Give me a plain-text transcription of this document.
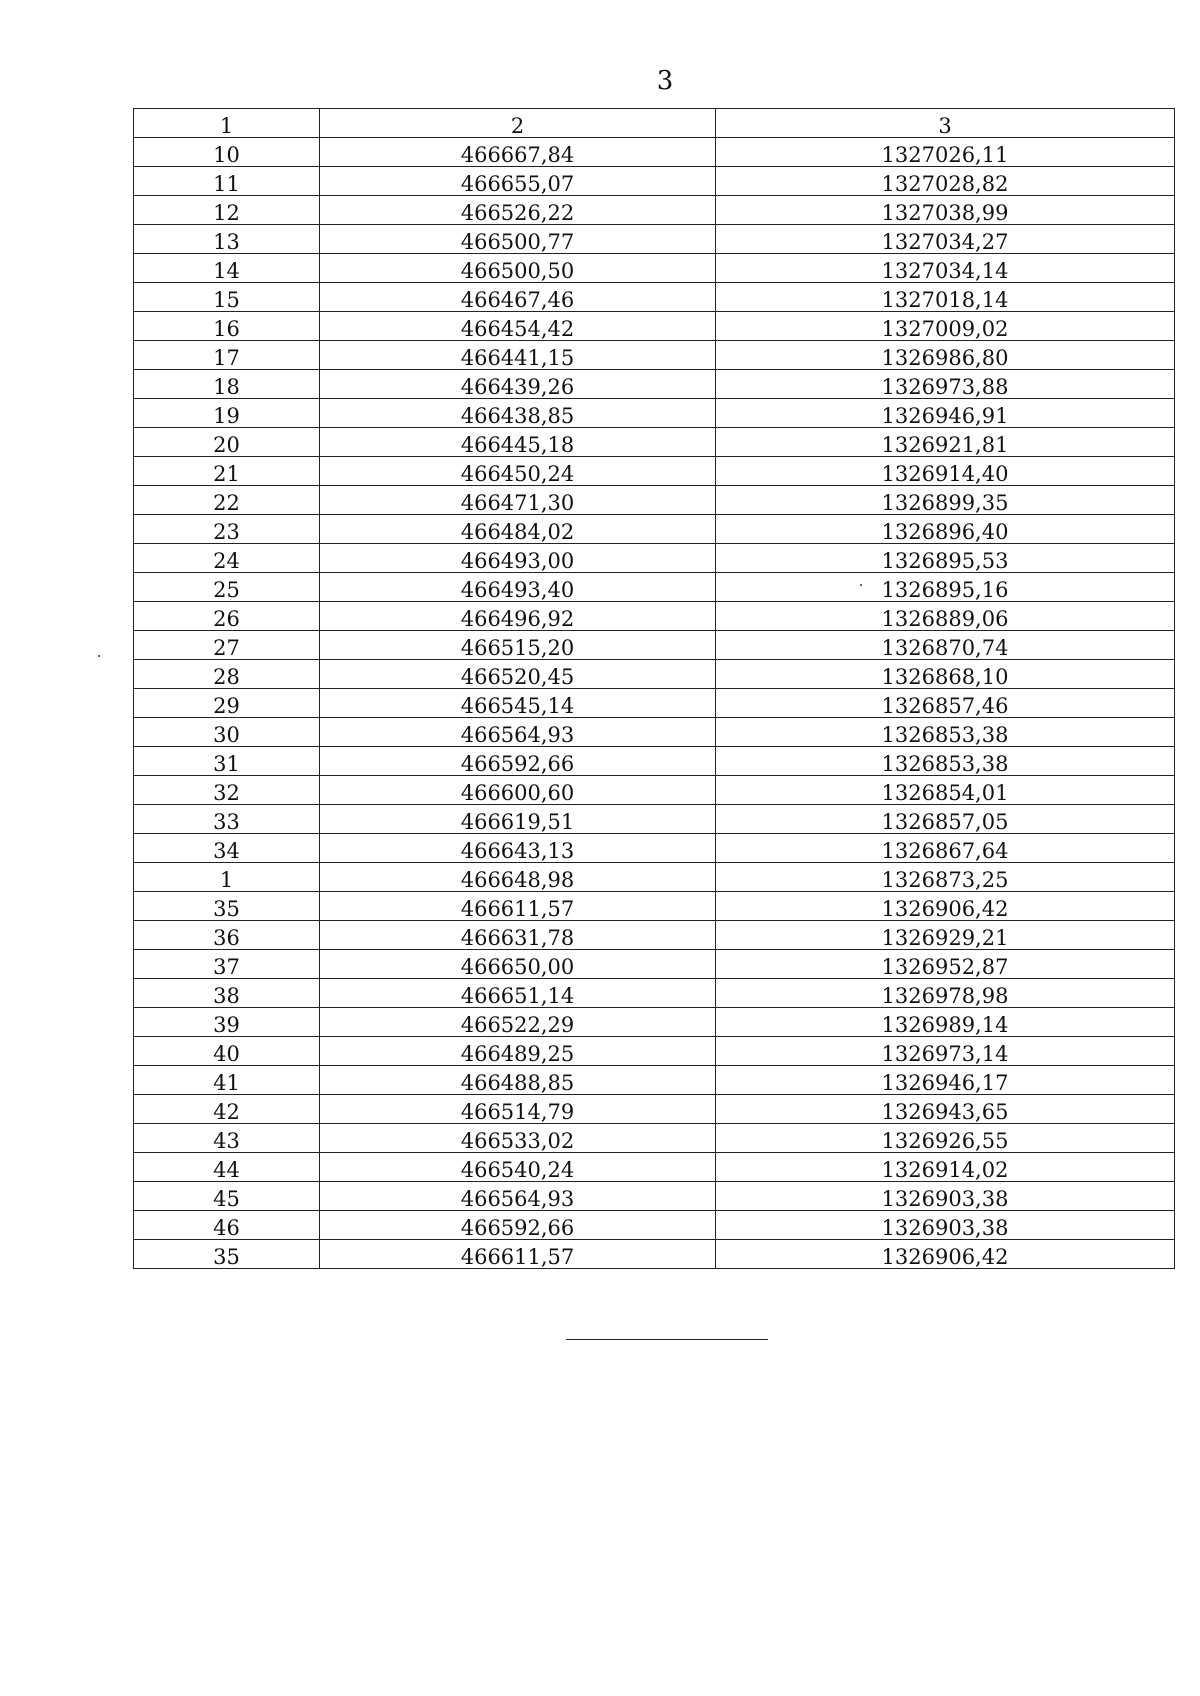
3
1	2	3
10	466667,84	1327026,11
11	466655,07	1327028,82
12	466526,22	1327038,99
13	466500,77	1327034,27
14	466500,50	1327034,14
15	466467,46	1327018,14
16	466454,42	1327009,02
17	466441,15	1326986,80
18	466439,26	1326973,88
19	466438,85	1326946,91
20	466445,18	1326921,81
21	466450,24	1326914,40
22	466471,30	1326899,35
23	466484,02	1326896,40
24	466493,00	1326895,53
25	466493,40	1326895,16
26	466496,92	1326889,06
27	466515,20	1326870,74
28	466520,45	1326868,10
29	466545,14	1326857,46
30	466564,93	1326853,38
31	466592,66	1326853,38
32	466600,60	1326854,01
33	466619,51	1326857,05
34	466643,13	1326867,64
1	466648,98	1326873,25
35	466611,57	1326906,42
36	466631,78	1326929,21
37	466650,00	1326952,87
38	466651,14	1326978,98
39	466522,29	1326989,14
40	466489,25	1326973,14
41	466488,85	1326946,17
42	466514,79	1326943,65
43	466533,02	1326926,55
44	466540,24	1326914,02
45	466564,93	1326903,38
46	466592,66	1326903,38
35	466611,57	1326906,42
